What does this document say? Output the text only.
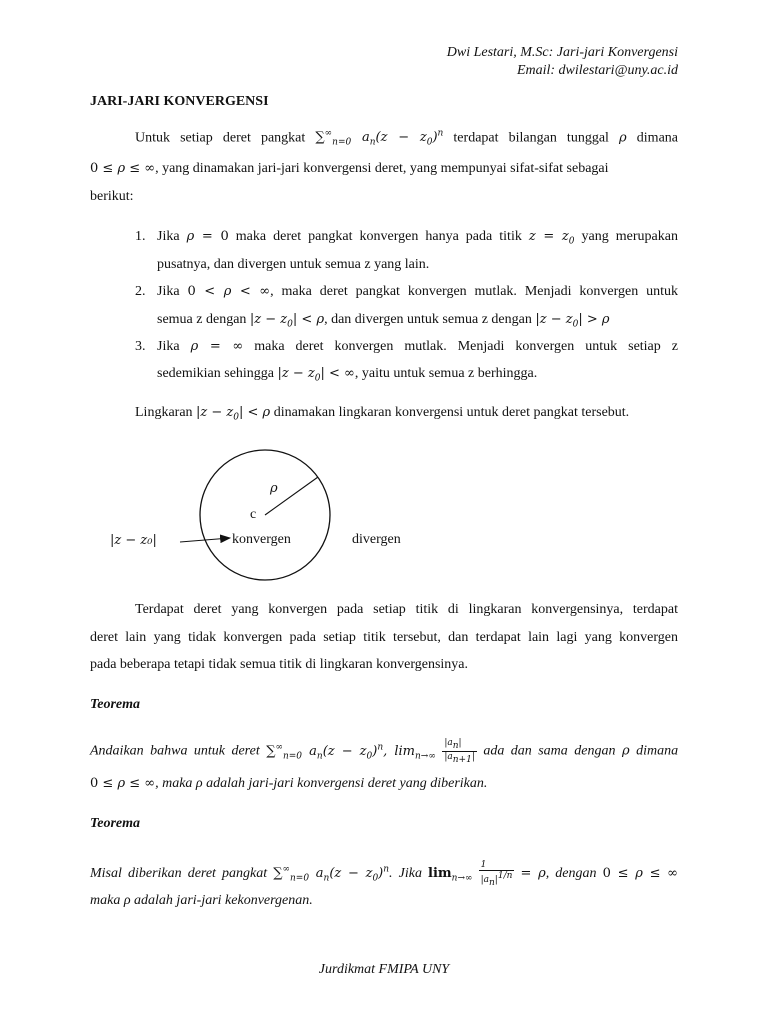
Dwi Lestari, M.Sc: Jari-jari Konvergensi
Email: dwilestari@uny.ac.id
JARI-JARI KONVERGENSI
Untuk setiap deret pangkat $\sum^\infty_{n=0}$ $a_n(z - z_0)^n$ terdapat bilangan tunggal ρ dimana
0 ≤ ρ ≤ ∞, yang dinamakan jari-jari konvergensi deret, yang mempunyai sifat-sifat sebagai
berikut:
1. Jika ρ = 0 maka deret pangkat konvergen hanya pada titik $z = z_0$ yang merupakan
pusatnya, dan divergen untuk semua z yang lain.
2. Jika 0 < ρ < ∞, maka deret pangkat konvergen mutlak. Menjadi konvergen untuk
semua z dengan $|z - z_0| < \rho$, dan divergen untuk semua z dengan $|z - z_0| > \rho$
3. Jika ρ = ∞ maka deret konvergen mutlak. Menjadi konvergen untuk setiap z
sedemikian sehingga $|z - z_0|$ < ∞, yaitu untuk semua z berhingga.
Lingkaran $|z - z_0| < \rho$ dinamakan lingkaran konvergensi untuk deret pangkat tersebut.
ρ
c
konvergen	divergen
|z − z₀|
Terdapat deret yang konvergen pada setiap titik di lingkaran konvergensinya, terdapat
deret lain yang tidak konvergen pada setiap titik tersebut, dan terdapat lain lagi yang konvergen
pada beberapa tetapi tidak semua titik di lingkaran konvergensinya.
Teorema
Andaikan bahwa untuk deret $\sum^\infty_{n=0}$ $a_n(z - z_0)^n$, $\lim_{n\to\infty} \frac{|a_n|}{|a_{n+1}|}$ ada dan sama dengan ρ dimana
0 ≤ ρ ≤ ∞, maka ρ adalah jari-jari konvergensi deret yang diberikan.
Teorema
Misal diberikan deret pangkat $\sum^\infty_{n=0}$ $a_n(z - z_0)^n$. Jika $\lim_{n\to\infty} \frac{1}{|a_n|^{1/n}} = \rho$, dengan 0 ≤ ρ ≤ ∞
maka ρ adalah jari-jari kekonvergenan.
Jurdikmat FMIPA UNY
